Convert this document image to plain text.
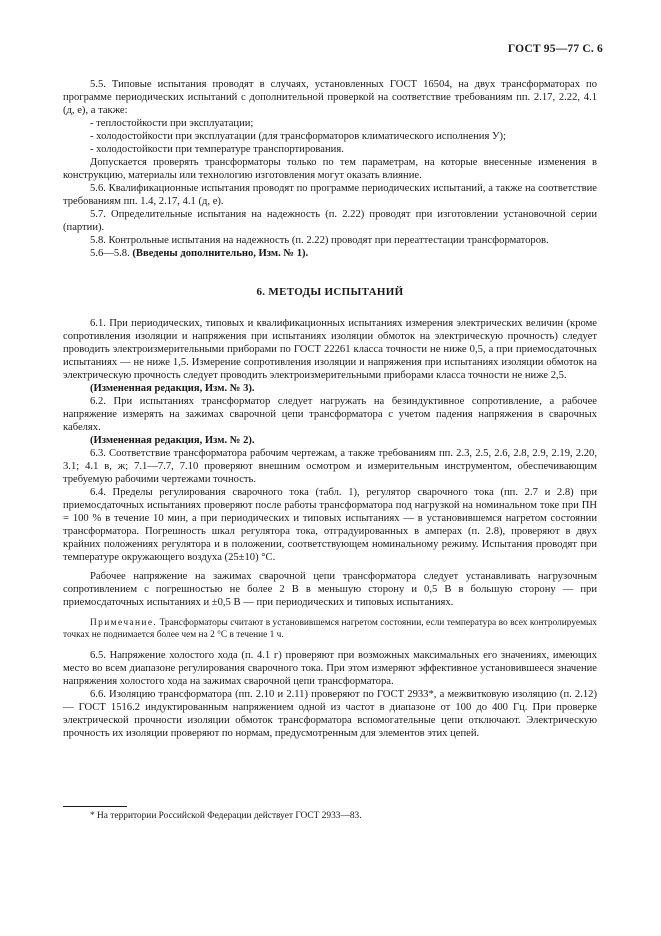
ГОСТ 95—77 С. 6

5.5. Типовые испытания проводят в случаях, установленных ГОСТ 16504, на двух трансформаторах по программе периодических испытаний с дополнительной проверкой на соответствие требованиям пп. 2.17, 2.22, 4.1 (д, е), а также:

- теплостойкости при эксплуатации;

- холодостойкости при эксплуатации (для трансформаторов климатического исполнения У);

- холодостойкости при температуре транспортирования.

Допускается проверять трансформаторы только по тем параметрам, на которые внесенные изменения в конструкцию, материалы или технологию изготовления могут оказать влияние.

5.6. Квалификационные испытания проводят по программе периодических испытаний, а также на соответствие требованиям пп. 1.4, 2.17, 4.1 (д, е).

5.7. Определительные испытания на надежность (п. 2.22) проводят при изготовлении установочной серии (партии).

5.8. Контрольные испытания на надежность (п. 2.22) проводят при переаттестации трансформаторов.

5.6—5.8. (Введены дополнительно, Изм. № 1).

6. МЕТОДЫ ИСПЫТАНИЙ

6.1. При периодических, типовых и квалификационных испытаниях измерения электрических величин (кроме сопротивления изоляции и напряжения при испытаниях изоляции обмоток на электрическую прочность) следует проводить электроизмерительными приборами по ГОСТ 22261 класса точности не ниже 0,5, а при приемосдаточных испытаниях — не ниже 1,5. Измерение сопротивления изоляции и напряжения при испытаниях изоляции обмоток на электрическую прочность следует проводить электроизмерительными приборами класса точности не ниже 2,5.

(Измененная редакция, Изм. № 3).

6.2. При испытаниях трансформатор следует нагружать на безиндуктивное сопротивление, а рабочее напряжение измерять на зажимах сварочной цепи трансформатора с учетом падения напряжения в сварочных кабелях.

(Измененная редакция, Изм. № 2).

6.3. Соответствие трансформатора рабочим чертежам, а также требованиям пп. 2.3, 2.5, 2.6, 2.8, 2.9, 2.19, 2.20, 3.1; 4.1 в, ж; 7.1—7.7, 7.10 проверяют внешним осмотром и измерительным инструментом, обеспечивающим требуемую рабочими чертежами точность.

6.4. Пределы регулирования сварочного тока (табл. 1), регулятор сварочного тока (пп. 2.7 и 2.8) при приемосдаточных испытаниях проверяют после работы трансформатора под нагрузкой на номинальном токе при ПН = 100 % в течение 10 мин, а при периодических и типовых испытаниях — в установившемся нагретом состоянии трансформатора. Погрешность шкал регулятора тока, отградуированных в амперах (п. 2.8), проверяют в двух крайних положениях регулятора и в положении, соответствующем номинальному режиму. Испытания проводят при температуре окружающего воздуха (25±10) °С.

Рабочее напряжение на зажимах сварочной цепи трансформатора следует устанавливать нагрузочным сопротивлением с погрешностью не более 2 В в меньшую сторону и 0,5 В в большую сторону — при приемосдаточных испытаниях и ±0,5 В — при периодических и типовых испытаниях.

Примечание. Трансформаторы считают в установившемся нагретом состоянии, если температура во всех контролируемых точках не поднимается более чем на 2 °С в течение 1 ч.

6.5. Напряжение холостого хода (п. 4.1 г) проверяют при возможных максимальных его значениях, имеющих место во всем диапазоне регулирования сварочного тока. При этом измеряют эффективное установившееся значение напряжения холостого хода на зажимах сварочной цепи трансформатора.

6.6. Изоляцию трансформатора (пп. 2.10 и 2.11) проверяют по ГОСТ 2933*, а межвитковую изоляцию (п. 2.12) — ГОСТ 1516.2 индуктированным напряжением одной из частот в диапазоне от 100 до 400 Гц. При проверке электрической прочности изоляции обмоток трансформатора вспомогательные цепи отключают. Электрическую прочность их изоляции проверяют по нормам, предусмотренным для элементов этих цепей.

* На территории Российской Федерации действует ГОСТ 2933—83.
